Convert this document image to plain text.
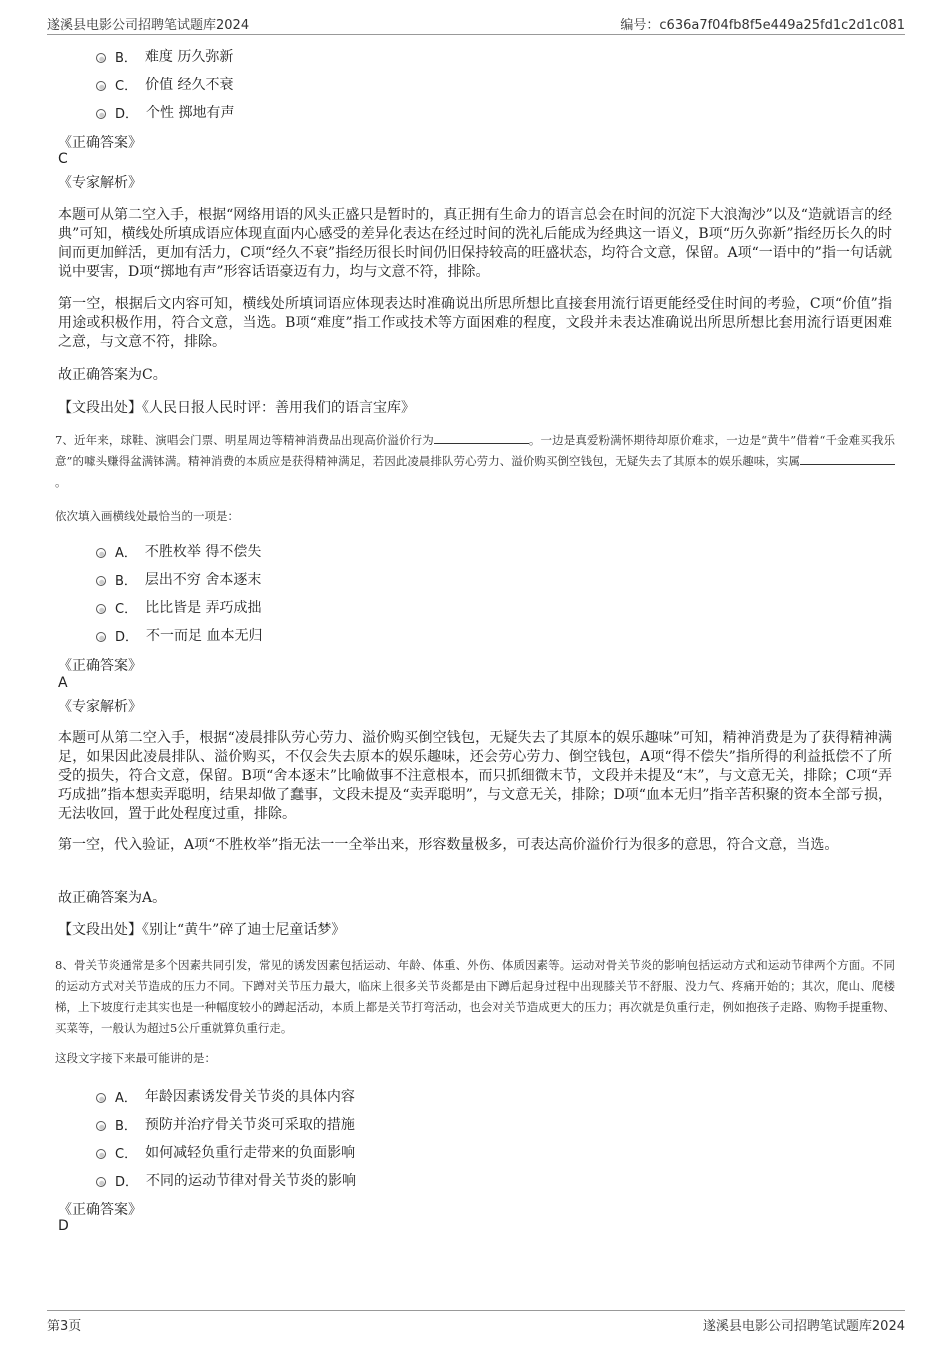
遂溪县电影公司招聘笔试题库2024	编号：c636a7f04fb8f5e449a25fd1c2d1c081
B． 难度 历久弥新
C． 价值 经久不衰
D． 个性 掷地有声
《正确答案》
C
《专家解析》
本题可从第二空入手，根据“网络用语的风头正盛只是暂时的，真正拥有生命力的语言总会在时间的沉淀下大浪淘沙”以及“造就语言的经典”可知，横线处所填成语应体现直面内心感受的差异化表达在经过时间的洗礼后能成为经典这一语义，B项“历久弥新”指经历长久的时间而更加鲜活，更加有活力，C项“经久不衰”指经历很长时间仍旧保持较高的旺盛状态，均符合文意，保留。A项“一语中的”指一句话就说中要害，D项“掷地有声”形容话语豪迈有力，均与文意不符，排除。
第一空，根据后文内容可知，横线处所填词语应体现表达时准确说出所思所想比直接套用流行语更能经受住时间的考验，C项“价值”指用途或积极作用，符合文意，当选。B项“难度”指工作或技术等方面困难的程度，文段并未表达准确说出所思所想比套用流行语更困难之意，与文意不符，排除。
故正确答案为C。
【文段出处】《人民日报人民时评：善用我们的语言宝库》
7、近年来，球鞋、演唱会门票、明星周边等精神消费品出现高价溢价行为	。一边是真爱粉满怀期待却原价难求，一边是“黄牛”借着“千金难买我乐意”的噱头赚得盆满钵满。精神消费的本质应是获得精神满足，若因此凌晨排队劳心劳力、溢价购买倒空钱包，无疑失去了其原本的娱乐趣味，实属。
依次填入画横线处最恰当的一项是：
A． 不胜枚举 得不偿失
B． 层出不穷 舍本逐末
C． 比比皆是 弄巧成拙
D． 不一而足 血本无归
《正确答案》
A
《专家解析》
本题可从第二空入手，根据“凌晨排队劳心劳力、溢价购买倒空钱包，无疑失去了其原本的娱乐趣味”可知，精神消费是为了获得精神满足，如果因此凌晨排队、溢价购买，不仅会失去原本的娱乐趣味，还会劳心劳力、倒空钱包，A项“得不偿失”指所得的利益抵偿不了所受的损失，符合文意，保留。B项“舍本逐末”比喻做事不注意根本，而只抓细微末节，文段并未提及“末”，与文意无关，排除；C项“弄巧成拙”指本想卖弄聪明，结果却做了蠢事，文段未提及“卖弄聪明”，与文意无关，排除；D项“血本无归”指辛苦积聚的资本全部亏损，无法收回，置于此处程度过重，排除。
第一空，代入验证，A项“不胜枚举”指无法一一全举出来，形容数量极多，可表达高价溢价行为很多的意思，符合文意，当选。
故正确答案为A。
【文段出处】《别让“黄牛”碎了迪士尼童话梦》
8、骨关节炎通常是多个因素共同引发，常见的诱发因素包括运动、年龄、体重、外伤、体质因素等。运动对骨关节炎的影响包括运动方式和运动节律两个方面。不同的运动方式对关节造成的压力不同。下蹲对关节压力最大，临床上很多关节炎都是由下蹲后起身过程中出现膝关节不舒服、没力气、疼痛开始的；其次，爬山、爬楼梯，上下坡度行走其实也是一种幅度较小的蹲起活动，本质上都是关节打弯活动，也会对关节造成更大的压力；再次就是负重行走，例如抱孩子走路、购物手提重物、买菜等，一般认为超过5公斤重就算负重行走。
这段文字接下来最可能讲的是：
A． 年龄因素诱发骨关节炎的具体内容
B． 预防并治疗骨关节炎可采取的措施
C． 如何减轻负重行走带来的负面影响
D． 不同的运动节律对骨关节炎的影响
《正确答案》
D
第3页	遂溪县电影公司招聘笔试题库2024
